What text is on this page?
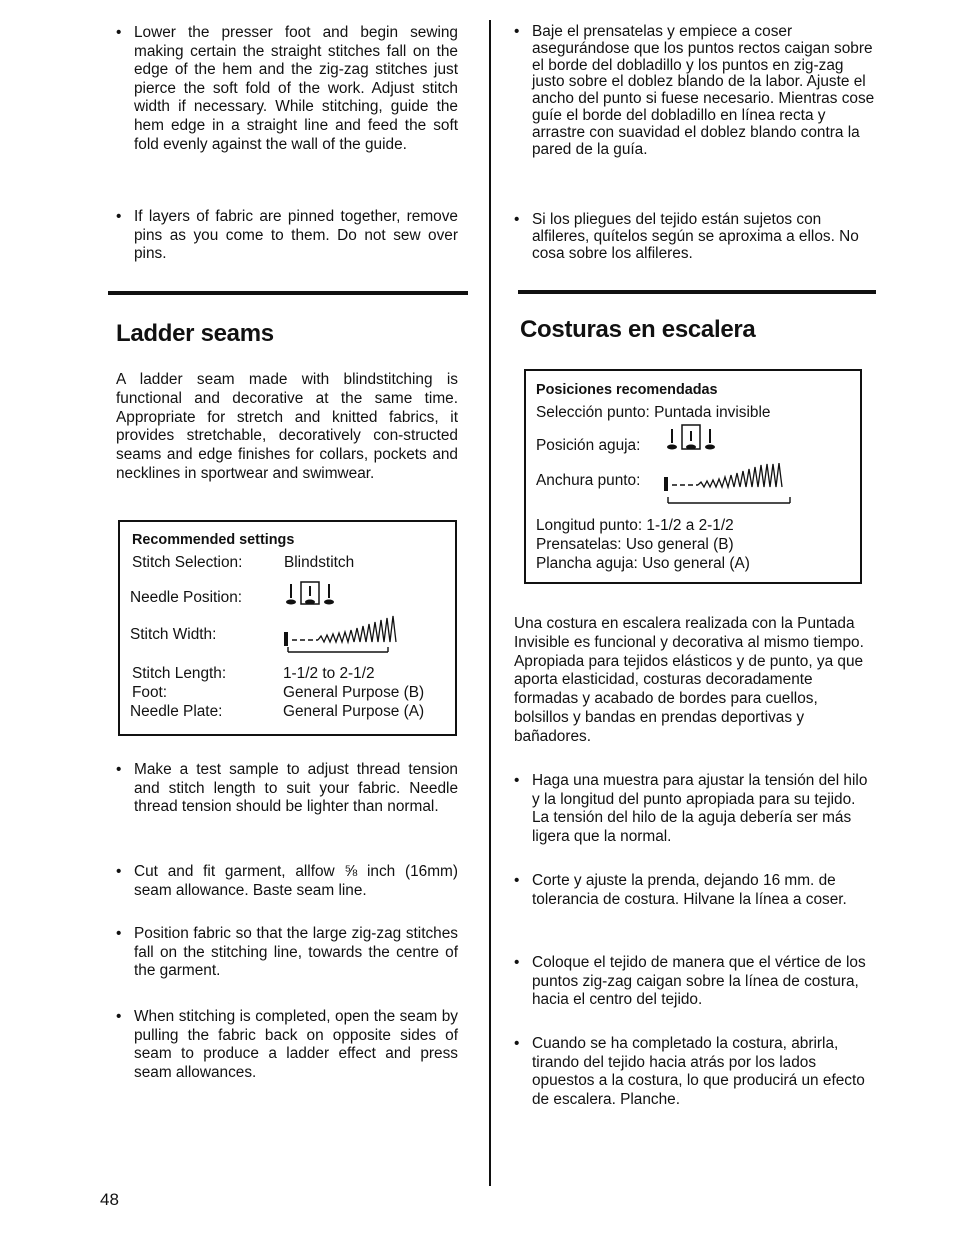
• Lower the presser foot and begin sewing making certain the straight stitches fall on the edge of the hem and the zig-zag stitches just pierce the soft fold of the work. Adjust stitch width if necessary. While stitching, guide the hem edge in a straight line and feed the soft fold evenly against the wall of the guide.
• If layers of fabric are pinned together, remove pins as you come to them. Do not sew over pins.
Ladder seams
A ladder seam made with blindstitching is functional and decorative at the same time. Appropriate for stretch and knitted fabrics, it provides stretchable, decoratively con-structed seams and edge finishes for collars, pockets and necklines in sportwear and swimwear.
Recommended settings
Stitch Selection:	Blindstitch
Needle Position:
Stitch Width:
Stitch Length:	1-1/2 to 2-1/2
Foot:	General Purpose (B)
Needle Plate:	General Purpose (A)
• Make a test sample to adjust thread tension and stitch length to suit your fabric. Needle thread tension should be lighter than normal.
• Cut and fit garment, allfow ⅝ inch (16mm) seam allowance. Baste seam line.
• Position fabric so that the large zig-zag stitches fall on the stitching line, towards the centre of the garment.
• When stitching is completed, open the seam by pulling the fabric back on opposite sides of seam to produce a ladder effect and press seam allowances.
• Baje el prensatelas y empiece a coser asegurándose que los puntos rectos caigan sobre el borde del dobladillo y los puntos en zig-zag justo sobre el doblez blando de la labor. Ajuste el ancho del punto si fuese necesario. Mientras cose guíe el borde del dobladillo en línea recta y arrastre con suavidad el doblez blando contra la pared de la guía.
• Si los pliegues del tejido están sujetos con alfileres, quítelos según se aproxima a ellos. No cosa sobre los alfileres.
Costuras en escalera
Posiciones recomendadas
Selección punto: Puntada invisible
Posición aguja:
Anchura punto:
Longitud punto: 1-1/2 a 2-1/2
Prensatelas: Uso general (B)
Plancha aguja: Uso general (A)
Una costura en escalera realizada con la Puntada Invisible es funcional y decorativa al mismo tiempo. Apropiada para tejidos elásticos y de punto, ya que aporta elasticidad, costuras decoradamente formadas y acabado de bordes para cuellos, bolsillos y bandas en prendas deportivas y bañadores.
• Haga una muestra para ajustar la tensión del hilo y la longitud del punto apropiada para su tejido. La tensión del hilo de la aguja debería ser más ligera que la normal.
• Corte y ajuste la prenda, dejando 16 mm. de tolerancia de costura. Hilvane la línea a coser.
• Coloque el tejido de manera que el vértice de los puntos zig-zag caigan sobre la línea de costura, hacia el centro del tejido.
• Cuando se ha completado la costura, abrirla, tirando del tejido hacia atrás por los lados opuestos a la costura, lo que producirá un efecto de escalera. Planche.
48
